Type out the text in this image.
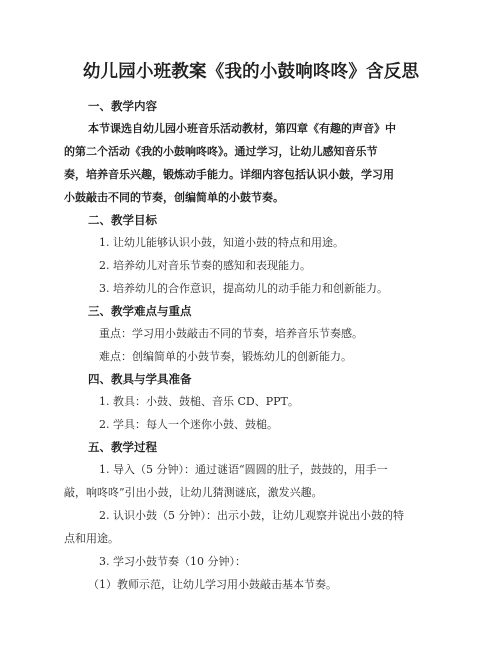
幼儿园小班教案《我的小鼓响咚咚》含反思
一、教学内容
本节课选自幼儿园小班音乐活动教材，第四章《有趣的声音》中
的第二个活动《我的小鼓响咚咚》。通过学习，让幼儿感知音乐节
奏，培养音乐兴趣，锻炼动手能力。详细内容包括认识小鼓，学习用
小鼓敲击不同的节奏，创编简单的小鼓节奏。
二、教学目标
1. 让幼儿能够认识小鼓，知道小鼓的特点和用途。
2. 培养幼儿对音乐节奏的感知和表现能力。
3. 培养幼儿的合作意识，提高幼儿的动手能力和创新能力。
三、教学难点与重点
重点：学习用小鼓敲击不同的节奏，培养音乐节奏感。
难点：创编简单的小鼓节奏，锻炼幼儿的创新能力。
四、教具与学具准备
1. 教具：小鼓、鼓槌、音乐 CD、PPT。
2. 学具：每人一个迷你小鼓、鼓槌。
五、教学过程
1. 导入（5 分钟）：通过谜语“圆圆的肚子，鼓鼓的，用手一
敲，响咚咚”引出小鼓，让幼儿猜测谜底，激发兴趣。
2. 认识小鼓（5 分钟）：出示小鼓，让幼儿观察并说出小鼓的特
点和用途。
3. 学习小鼓节奏（10 分钟）：
（1）教师示范，让幼儿学习用小鼓敲击基本节奏。
